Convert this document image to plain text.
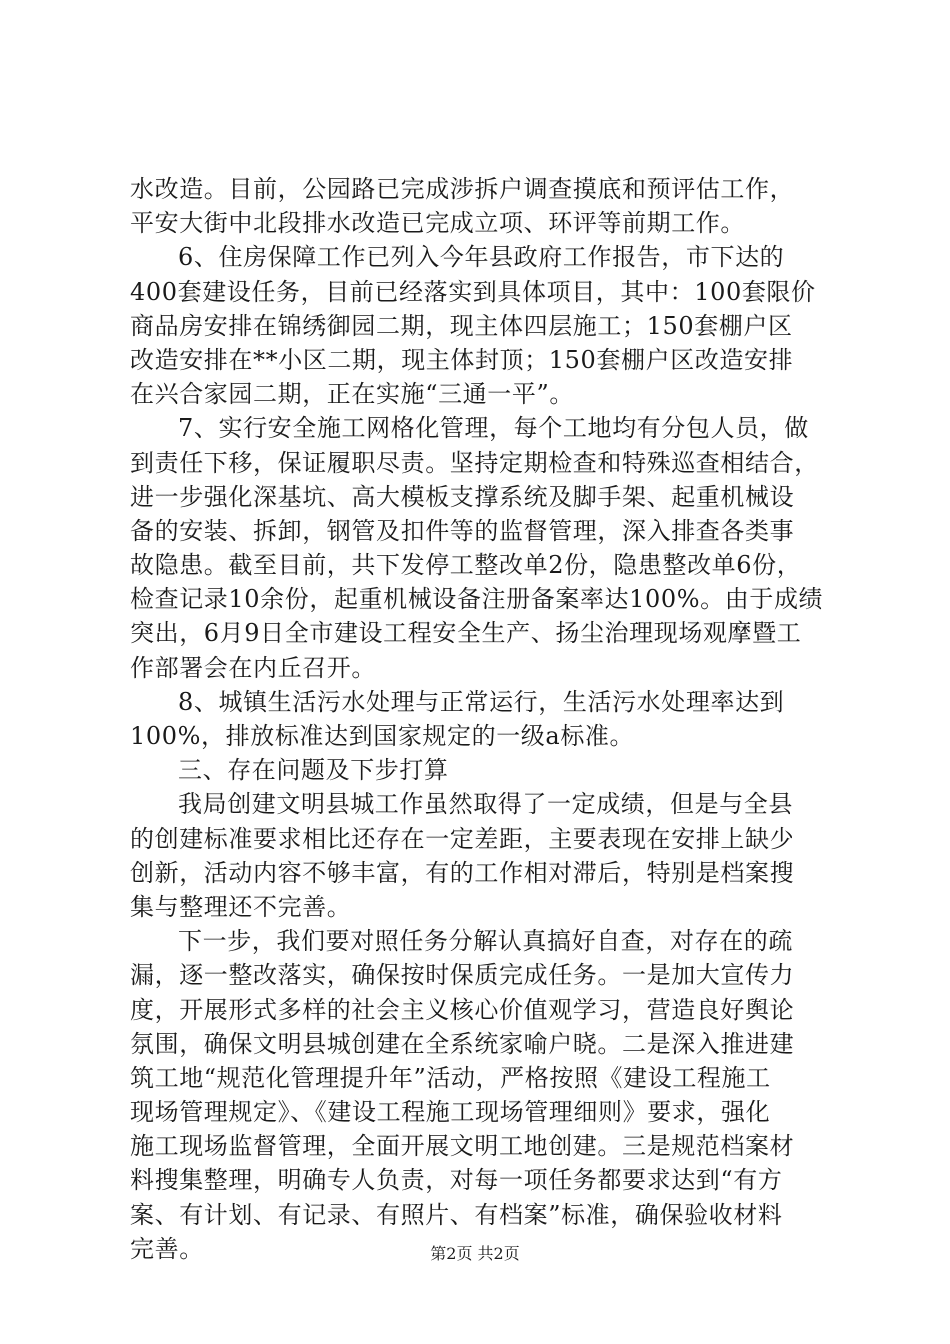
水改造。目前，公园路已完成涉拆户调查摸底和预评估工作，
平安大街中北段排水改造已完成立项、环评等前期工作。
6、住房保障工作已列入今年县政府工作报告，市下达的
400套建设任务，目前已经落实到具体项目，其中：100套限价
商品房安排在锦绣御园二期，现主体四层施工；150套棚户区
改造安排在**小区二期，现主体封顶；150套棚户区改造安排
在兴合家园二期，正在实施“三通一平”。
7、实行安全施工网格化管理，每个工地均有分包人员，做
到责任下移，保证履职尽责。坚持定期检查和特殊巡查相结合，
进一步强化深基坑、高大模板支撑系统及脚手架、起重机械设
备的安装、拆卸，钢管及扣件等的监督管理，深入排查各类事
故隐患。截至目前，共下发停工整改单2份，隐患整改单6份，
检查记录10余份，起重机械设备注册备案率达100%。由于成绩
突出，6月9日全市建设工程安全生产、扬尘治理现场观摩暨工
作部署会在内丘召开。
8、城镇生活污水处理与正常运行，生活污水处理率达到
100%，排放标准达到国家规定的一级a标准。
三、存在问题及下步打算
我局创建文明县城工作虽然取得了一定成绩，但是与全县
的创建标准要求相比还存在一定差距，主要表现在安排上缺少
创新，活动内容不够丰富，有的工作相对滞后，特别是档案搜
集与整理还不完善。
下一步，我们要对照任务分解认真搞好自查，对存在的疏
漏，逐一整改落实，确保按时保质完成任务。一是加大宣传力
度，开展形式多样的社会主义核心价值观学习，营造良好舆论
氛围，确保文明县城创建在全系统家喻户晓。二是深入推进建
筑工地“规范化管理提升年”活动，严格按照《建设工程施工
现场管理规定》、《建设工程施工现场管理细则》要求，强化
施工现场监督管理，全面开展文明工地创建。三是规范档案材
料搜集整理，明确专人负责，对每一项任务都要求达到“有方
案、有计划、有记录、有照片、有档案”标准，确保验收材料
完善。	第2页 共2页
